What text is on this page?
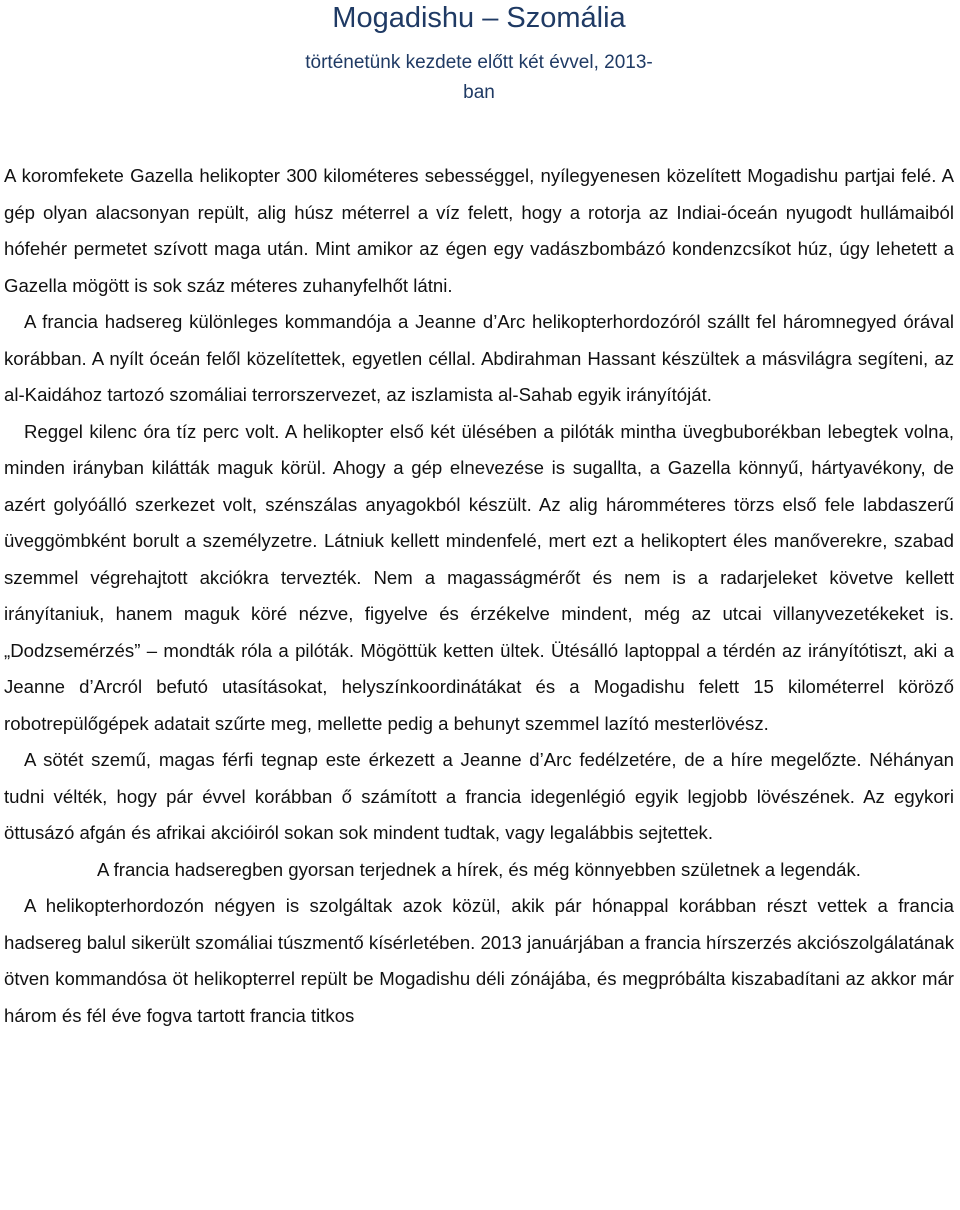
Mogadishu – Szomália
történetünk kezdete előtt két évvel, 2013-
ban

A koromfekete Gazella helikopter 300 kilométeres sebességgel, nyílegyenesen közelített Mogadishu partjai felé. A gép olyan alacsonyan repült, alig húsz méterrel a víz felett, hogy a rotorja az Indiai-óceán nyugodt hullámaiból hófehér permetet szívott maga után. Mint amikor az égen egy vadászbombázó kondenzcsíkot húz, úgy lehetett a Gazella mögött is sok száz méteres zuhanyfelhőt látni.

A francia hadsereg különleges kommandója a Jeanne d’Arc helikopterhordozóról szállt fel háromnegyed órával korábban. A nyílt óceán felől közelítettek, egyetlen céllal. Abdirahman Hassant készültek a másvilágra segíteni, az al-Kaidához tartozó szomáliai terrorszervezet, az iszlamista al-Sahab egyik irányítóját.

Reggel kilenc óra tíz perc volt. A helikopter első két ülésében a pilóták mintha üvegbuborékban lebegtek volna, minden irányban kilátták maguk körül. Ahogy a gép elnevezése is sugallta, a Gazella könnyű, hártyavékony, de azért golyóálló szerkezet volt, szénszálas anyagokból készült. Az alig háromméteres törzs első fele labdaszerű üveggömbként borult a személyzetre. Látniuk kellett mindenfelé, mert ezt a helikoptert éles manőverekre, szabad szemmel végrehajtott akciókra tervezték. Nem a magasságmérőt és nem is a radarjeleket követve kellett irányítaniuk, hanem maguk köré nézve, figyelve és érzékelve mindent, még az utcai villanyvezetékeket is. „Dodzsemérzés” – mondták róla a pilóták. Mögöttük ketten ültek. Ütésálló laptoppal a térdén az irányítótiszt, aki a Jeanne d’Arcról befutó utasításokat, helyszínkoordinátákat és a Mogadishu felett 15 kilométerrel köröző robotrepülőgépek adatait szűrte meg, mellette pedig a behunyt szemmel lazító mesterlövész.

A sötét szemű, magas férfi tegnap este érkezett a Jeanne d’Arc fedélzetére, de a híre megelőzte. Néhányan tudni vélték, hogy pár évvel korábban ő számított a francia idegenlégió egyik legjobb lövészének. Az egykori öttusázó afgán és afrikai akcióiról sokan sok mindent tudtak, vagy legalábbis sejtettek.

A francia hadseregben gyorsan terjednek a hírek, és még könnyebben születnek a legendák.

A helikopterhordozón négyen is szolgáltak azok közül, akik pár hónappal korábban részt vettek a francia hadsereg balul sikerült szomáliai túszmentő kísérletében. 2013 januárjában a francia hírszerzés akciószolgálatának ötven kommandósa öt helikopterrel repült be Mogadishu déli zónájába, és megpróbálta kiszabadítani az akkor már három és fél éve fogva tartott francia titkos
